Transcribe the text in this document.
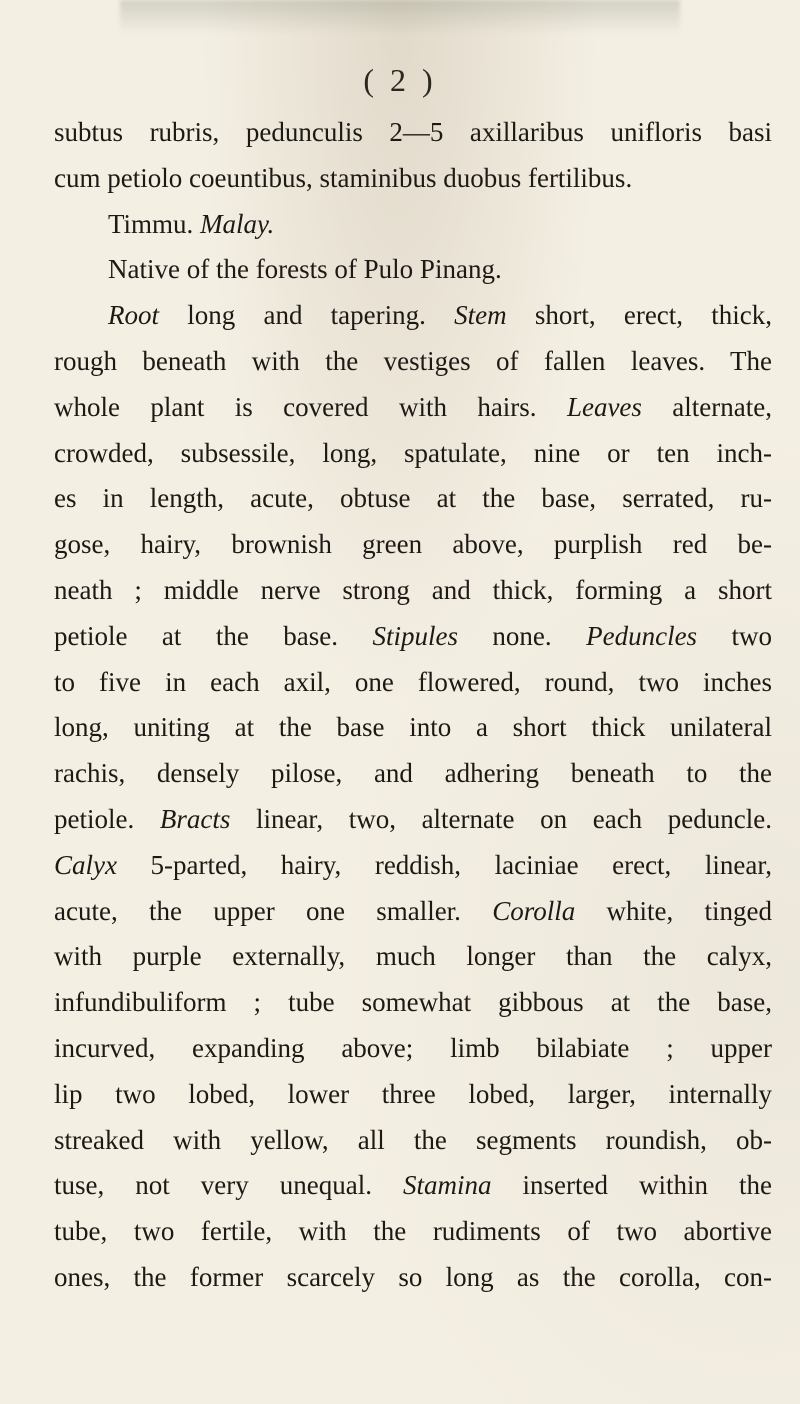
( 2 )
subtus rubris, pedunculis 2—5 axillaribus unifloris basi
cum petiolo coeuntibus, staminibus duobus fertilibus.
Timmu. Malay.
Native of the forests of Pulo Pinang.
Root long and tapering. Stem short, erect, thick,
rough beneath with the vestiges of fallen leaves. The
whole plant is covered with hairs. Leaves alternate,
crowded, subsessile, long, spatulate, nine or ten inch-
es in length, acute, obtuse at the base, serrated, ru-
gose, hairy, brownish green above, purplish red be-
neath ; middle nerve strong and thick, forming a short
petiole at the base. Stipules none. Peduncles two
to five in each axil, one flowered, round, two inches
long, uniting at the base into a short thick unilateral
rachis, densely pilose, and adhering beneath to the
petiole. Bracts linear, two, alternate on each peduncle.
Calyx 5-parted, hairy, reddish, laciniae erect, linear,
acute, the upper one smaller. Corolla white, tinged
with purple externally, much longer than the calyx,
infundibuliform ; tube somewhat gibbous at the base,
incurved, expanding above; limb bilabiate ; upper
lip two lobed, lower three lobed, larger, internally
streaked with yellow, all the segments roundish, ob-
tuse, not very unequal. Stamina inserted within the
tube, two fertile, with the rudiments of two abortive
ones, the former scarcely so long as the corolla, con-
